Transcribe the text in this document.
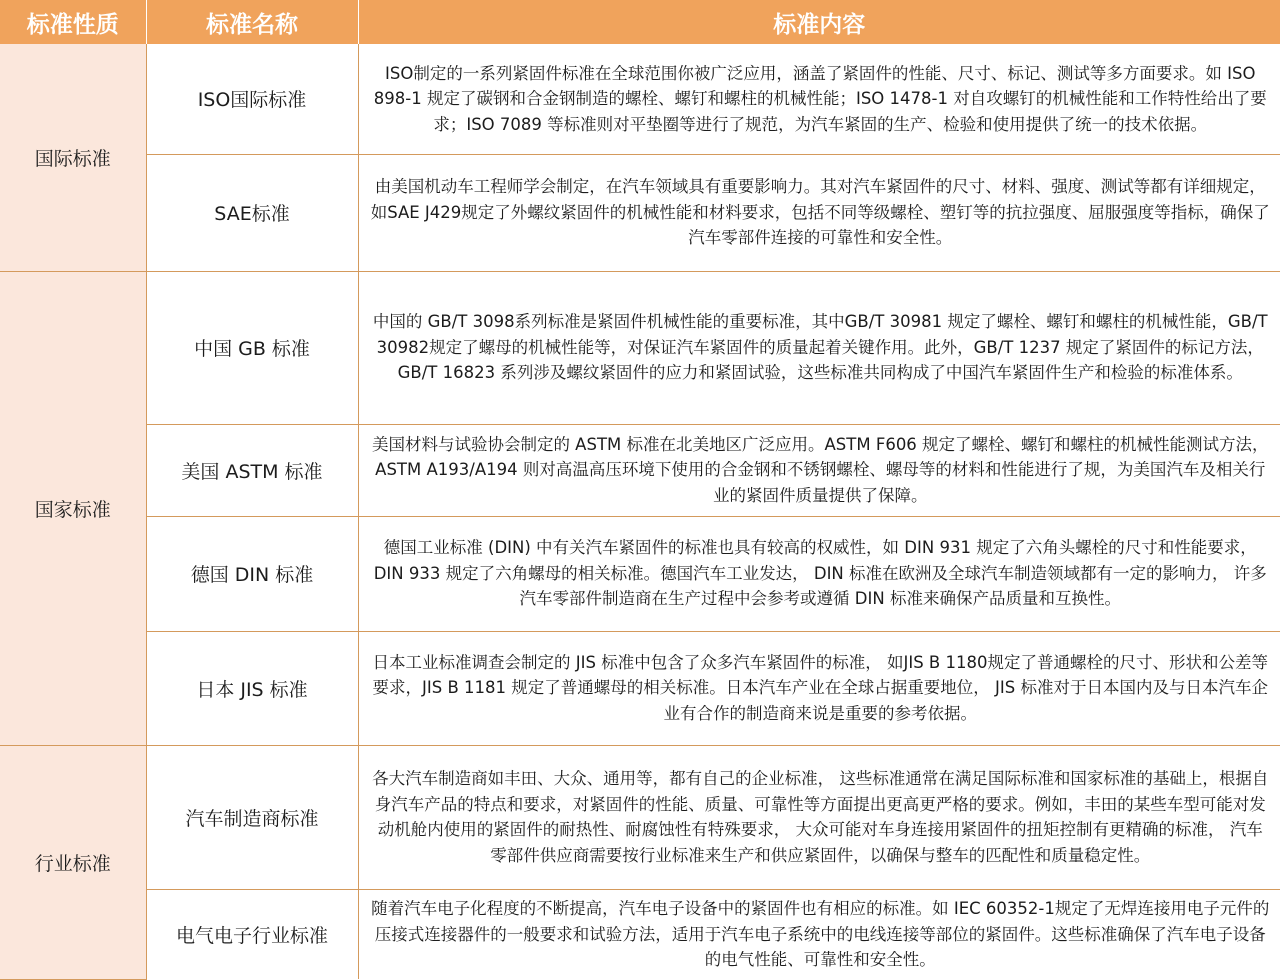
标准性质	标准名称	标准内容
国际标准	ISO国际标准	ISO制定的一系列紧固件标准在全球范围你被广泛应用，涵盖了紧固件的性能、尺寸、标记、测试等多方面要求。如 ISO 898-1 规定了碳钢和合金钢制造的螺栓、螺钉和螺柱的机械性能；ISO 1478-1 对自攻螺钉的机械性能和工作特性给出了要求；ISO 7089 等标准则对平垫圈等进行了规范，为汽车紧固的生产、检验和使用提供了统一的技术依据。
	SAE标准	由美国机动车工程师学会制定，在汽车领域具有重要影响力。其对汽车紧固件的尺寸、材料、强度、测试等都有详细规定，如SAE J429规定了外螺纹紧固件的机械性能和材料要求，包括不同等级螺栓、塑钉等的抗拉强度、屈服强度等指标，确保了汽车零部件连接的可靠性和安全性。
国家标准	中国 GB 标准	中国的 GB/T 3098系列标准是紧固件机械性能的重要标准，其中GB/T 30981 规定了螺栓、螺钉和螺柱的机械性能，GB/T 30982规定了螺母的机械性能等，对保证汽车紧固件的质量起着关键作用。此外，GB/T 1237 规定了紧固件的标记方法，GB/T 16823 系列涉及螺纹紧固件的应力和紧固试验，这些标准共同构成了中国汽车紧固件生产和检验的标准体系。
	美国 ASTM 标准	美国材料与试验协会制定的 ASTM 标准在北美地区广泛应用。ASTM F606 规定了螺栓、螺钉和螺柱的机械性能测试方法，ASTM A193/A194 则对高温高压环境下使用的合金钢和不锈钢螺栓、螺母等的材料和性能进行了规，为美国汽车及相关行业的紧固件质量提供了保障。
	德国 DIN 标准	德国工业标准 (DIN) 中有关汽车紧固件的标准也具有较高的权威性，如 DIN 931 规定了六角头螺栓的尺寸和性能要求，DIN 933 规定了六角螺母的相关标准。德国汽车工业发达， DIN 标准在欧洲及全球汽车制造领域都有一定的影响力， 许多汽车零部件制造商在生产过程中会参考或遵循 DIN 标准来确保产品质量和互换性。
	日本 JIS 标准	日本工业标准调查会制定的 JIS 标准中包含了众多汽车紧固件的标准， 如JIS B 1180规定了普通螺栓的尺寸、形状和公差等要求，JIS B 1181 规定了普通螺母的相关标准。日本汽车产业在全球占据重要地位， JIS 标准对于日本国内及与日本汽车企业有合作的制造商来说是重要的参考依据。
行业标准	汽车制造商标准	各大汽车制造商如丰田、大众、通用等，都有自己的企业标准， 这些标准通常在满足国际标准和国家标准的基础上，根据自身汽车产品的特点和要求，对紧固件的性能、质量、可靠性等方面提出更高更严格的要求。例如，丰田的某些车型可能对发动机舱内使用的紧固件的耐热性、耐腐蚀性有特殊要求， 大众可能对车身连接用紧固件的扭矩控制有更精确的标准， 汽车零部件供应商需要按行业标准来生产和供应紧固件，以确保与整车的匹配性和质量稳定性。
	电气电子行业标准	随着汽车电子化程度的不断提高，汽车电子设备中的紧固件也有相应的标准。如 IEC 60352-1规定了无焊连接用电子元件的压接式连接器件的一般要求和试验方法，适用于汽车电子系统中的电线连接等部位的紧固件。这些标准确保了汽车电子设备的电气性能、可靠性和安全性。
